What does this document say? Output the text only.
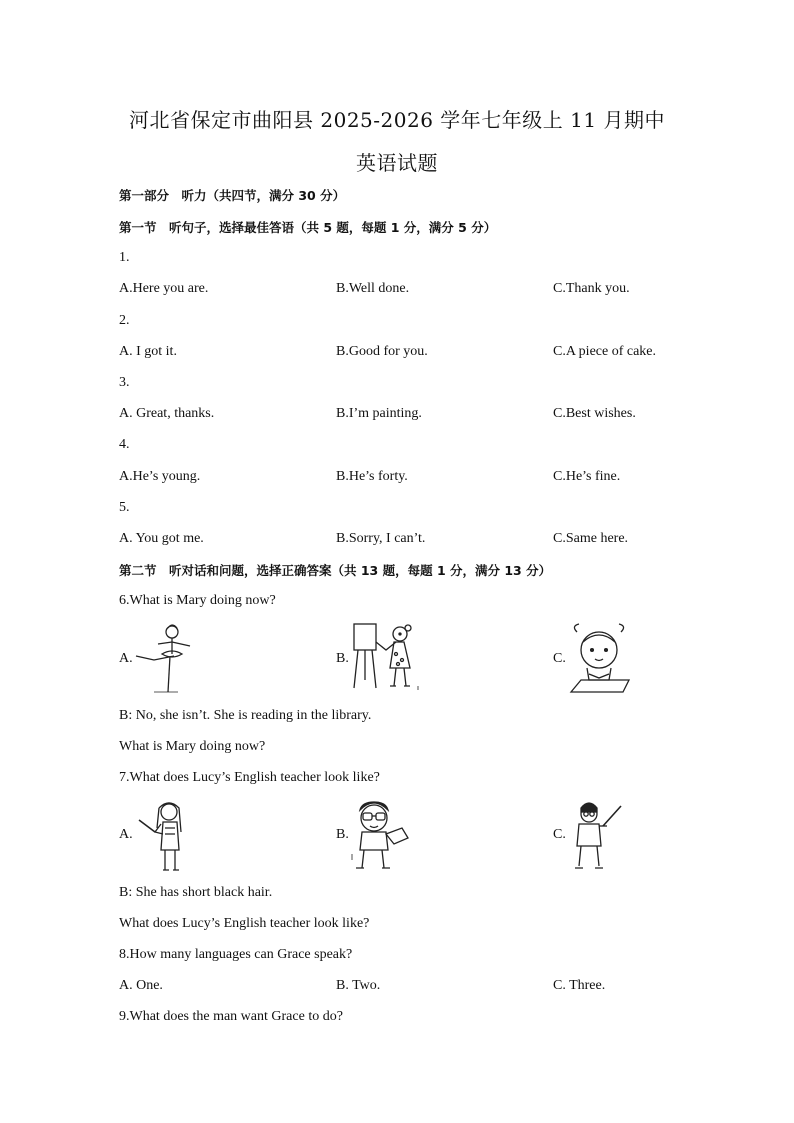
河北省保定市曲阳县 2025-2026 学年七年级上 11 月期中
英语试题
第一部分　听力（共四节，满分 30 分）
第一节　听句子，选择最佳答语（共 5 题，每题 1 分，满分 5 分）
1.
A.Here you are.	B.Well done.	C.Thank you.
2.
A. I got it.	B.Good for you.	C.A piece of cake.
3.
A. Great, thanks.	B.I’m painting.	C.Best wishes.
4.
A.He’s young.	B.He’s forty.	C.He’s fine.
5.
A. You got me.	B.Sorry, I can’t.	C.Same here.
第二节　听对话和问题，选择正确答案（共 13 题，每题 1 分，满分 13 分）
6.What is Mary doing now?
A.	B.	C.
B: No, she isn’t. She is reading in the library.
What is Mary doing now?
7.What does Lucy’s English teacher look like?
A.	B.	C.
B: She has short black hair.
What does Lucy’s English teacher look like?
8.How many languages can Grace speak?
A. One.	B. Two.	C. Three.
9.What does the man want Grace to do?
